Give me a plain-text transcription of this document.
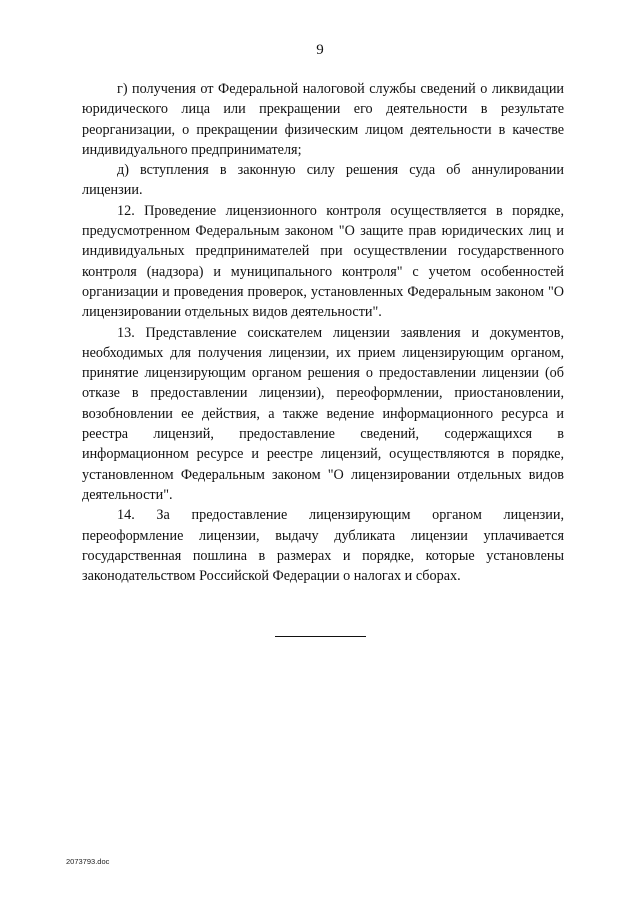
9

г) получения от Федеральной налоговой службы сведений о ликвидации юридического лица или прекращении его деятельности в результате реорганизации, о прекращении физическим лицом деятельности в качестве индивидуального предпринимателя;

д) вступления в законную силу решения суда об аннулировании лицензии.

12. Проведение лицензионного контроля осуществляется в порядке, предусмотренном Федеральным законом "О защите прав юридических лиц и индивидуальных предпринимателей при осуществлении государственного контроля (надзора) и муниципального контроля" с учетом особенностей организации и проведения проверок, установленных Федеральным законом "О лицензировании отдельных видов деятельности".

13. Представление соискателем лицензии заявления и документов, необходимых для получения лицензии, их прием лицензирующим органом, принятие лицензирующим органом решения о предоставлении лицензии (об отказе в предоставлении лицензии), переоформлении, приостановлении, возобновлении ее действия, а также ведение информационного ресурса и реестра лицензий, предоставление сведений, содержащихся в информационном ресурсе и реестре лицензий, осуществляются в порядке, установленном Федеральным законом "О лицензировании отдельных видов деятельности".

14. За предоставление лицензирующим органом лицензии, переоформление лицензии, выдачу дубликата лицензии уплачивается государственная пошлина в размерах и порядке, которые установлены законодательством Российской Федерации о налогах и сборах.

2073793.doc
